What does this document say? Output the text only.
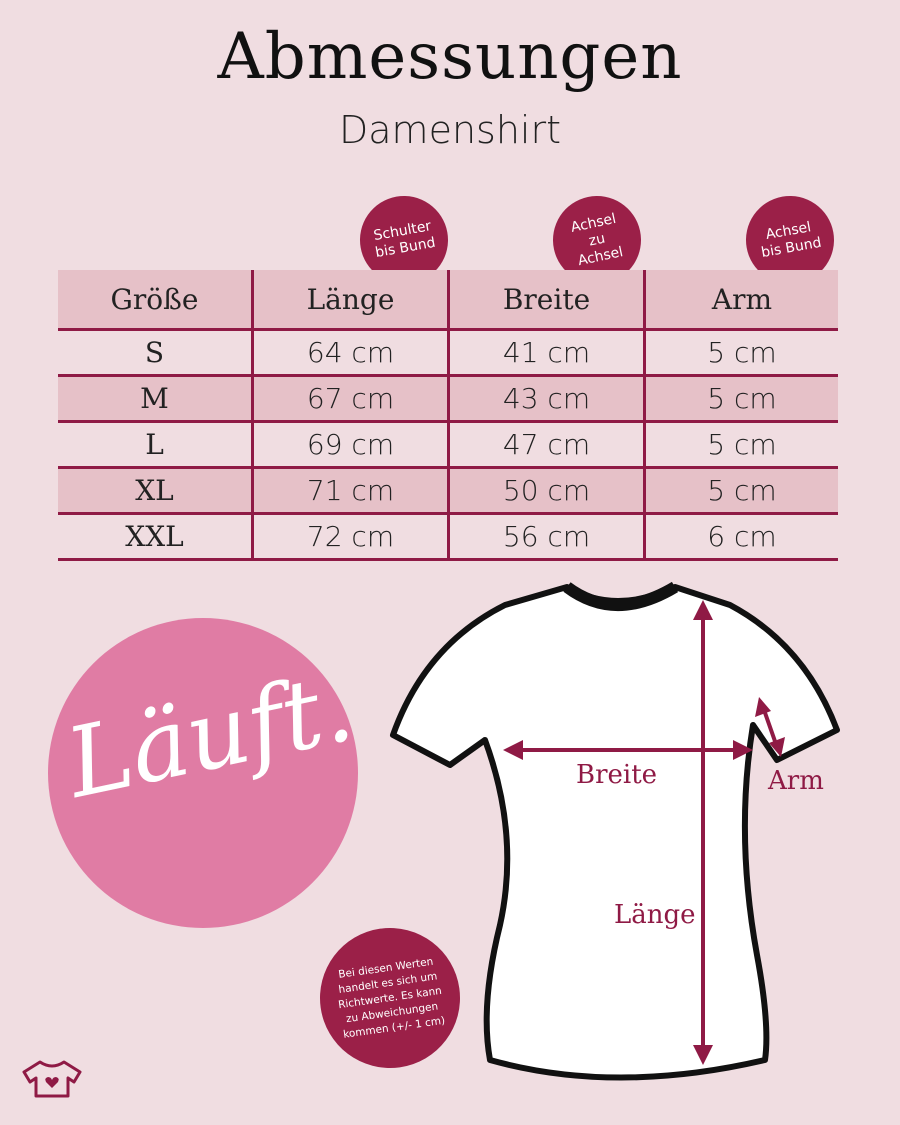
Abmessungen
Damenshirt
Schulter
bis Bund
Achsel
zu
Achsel
Achsel
bis Bund
Größe	Länge	Breite	Arm
S	64 cm	41 cm	5 cm
M	67 cm	43 cm	5 cm
L	69 cm	47 cm	5 cm
XL	71 cm	50 cm	5 cm
XXL	72 cm	56 cm	6 cm
Läuft.	Breite	Arm
Länge
Bei diesen Werten handelt es sich um Richtwerte. Es kann zu Abweichungen kommen (+/- 1 cm)
